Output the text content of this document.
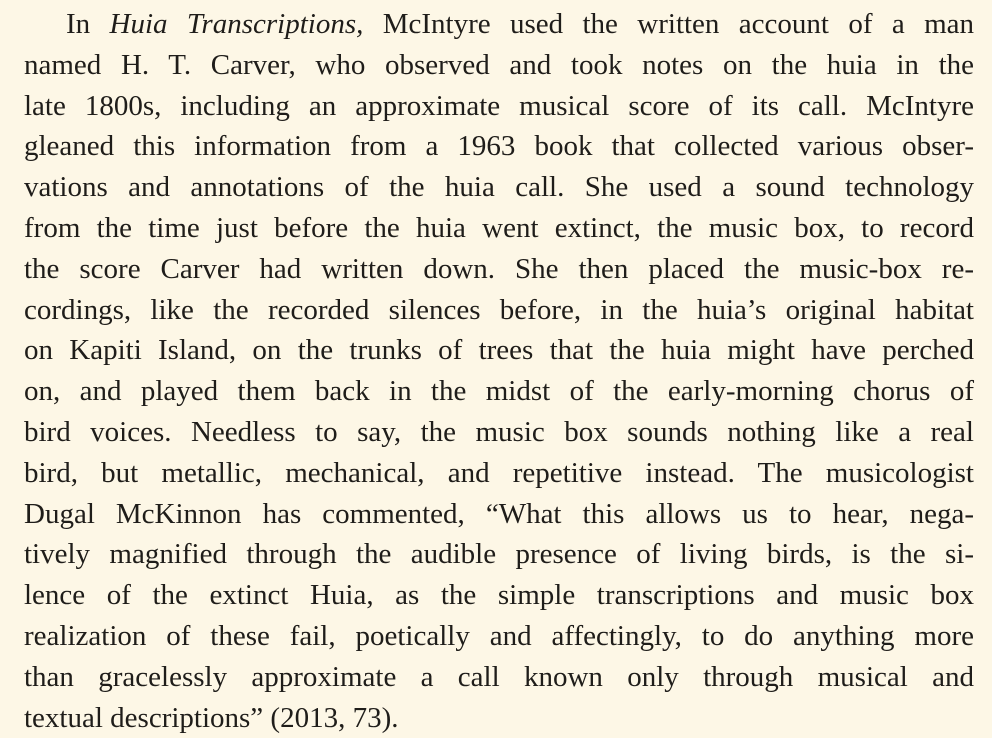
In Huia Transcriptions, McIntyre used the written account of a man
named H. T. Carver, who observed and took notes on the huia in the
late 1800s, including an approximate musical score of its call. McIntyre
gleaned this information from a 1963 book that collected various obser-
vations and annotations of the huia call. She used a sound technology
from the time just before the huia went extinct, the music box, to record
the score Carver had written down. She then placed the music-box re-
cordings, like the recorded silences before, in the huia’s original habitat
on Kapiti Island, on the trunks of trees that the huia might have perched
on, and played them back in the midst of the early-morning chorus of
bird voices. Needless to say, the music box sounds nothing like a real
bird, but metallic, mechanical, and repetitive instead. The musicologist
Dugal McKinnon has commented, “What this allows us to hear, nega-
tively magnified through the audible presence of living birds, is the si-
lence of the extinct Huia, as the simple transcriptions and music box
realization of these fail, poetically and affectingly, to do anything more
than gracelessly approximate a call known only through musical and
textual descriptions” (2013, 73).
